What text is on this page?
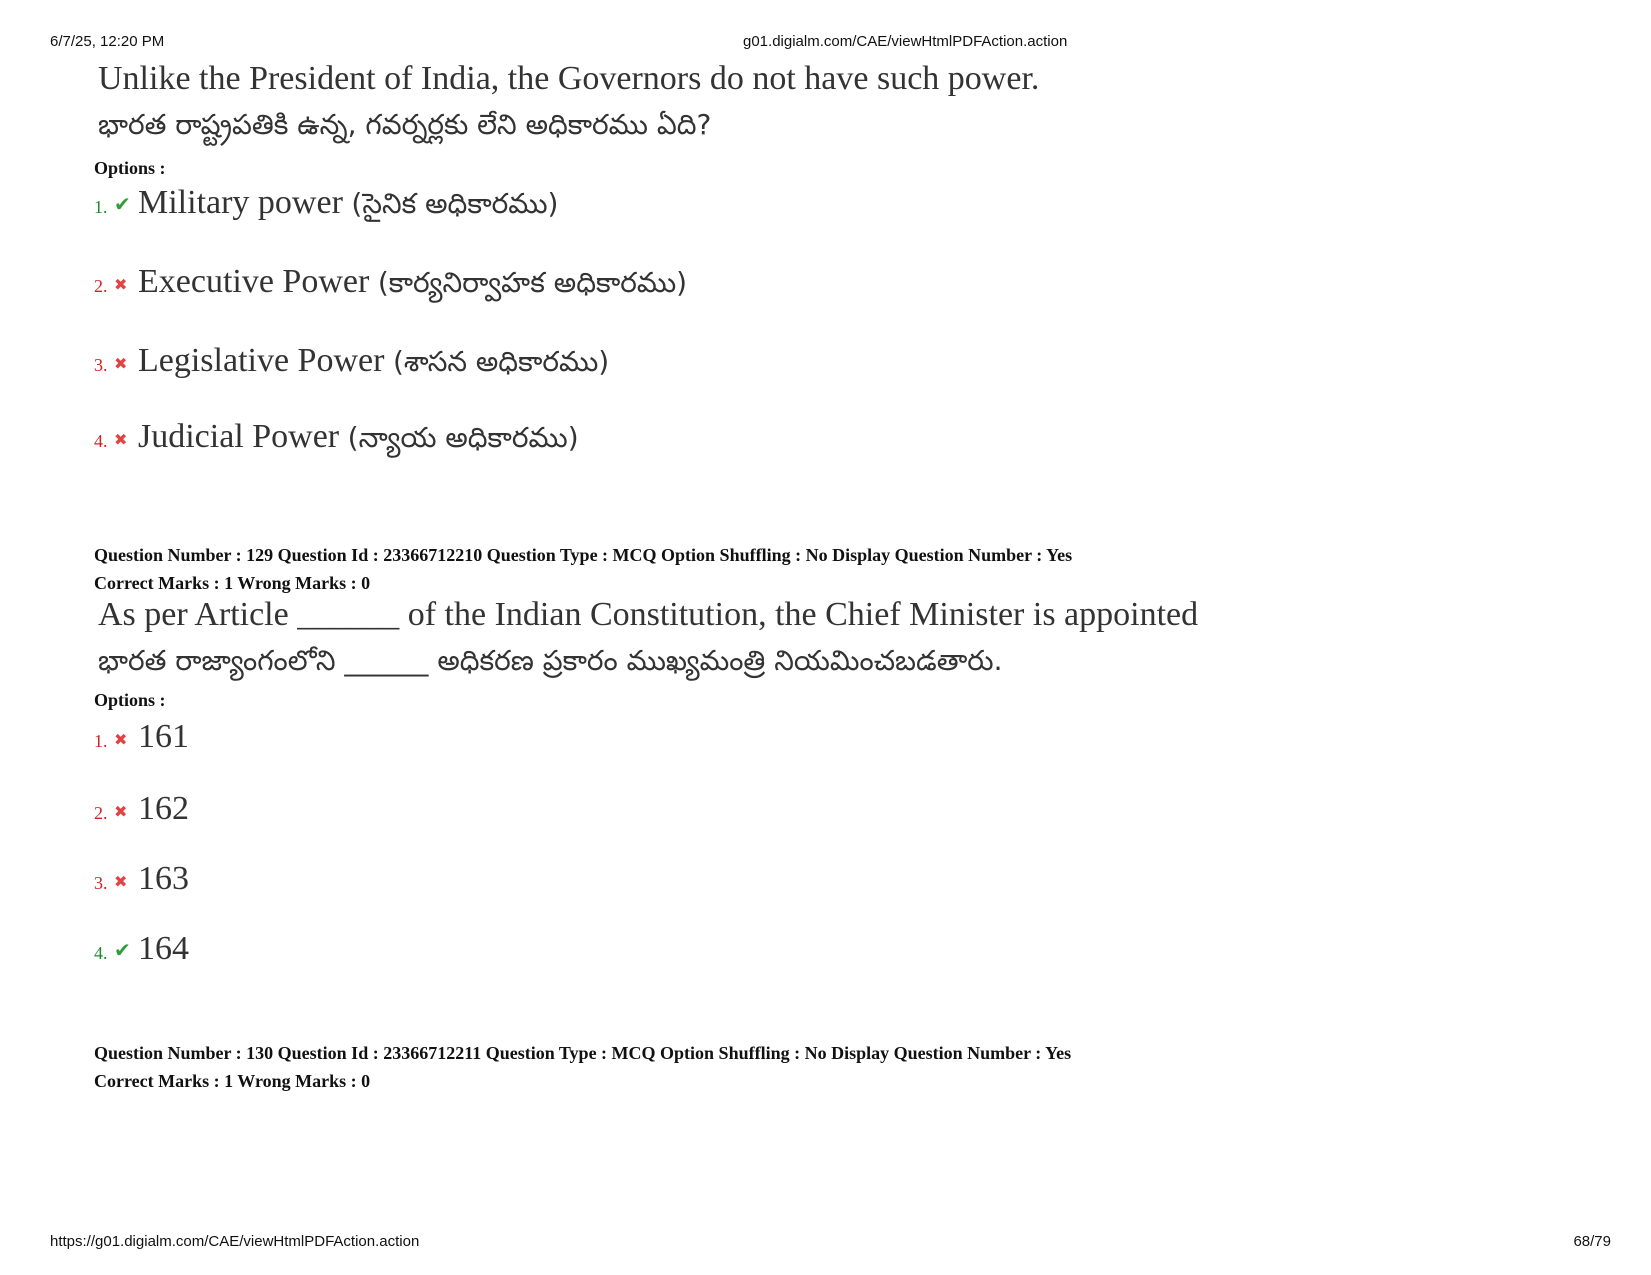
6/7/25, 12:20 PM	g01.digialm.com/CAE/viewHtmlPDFAction.action
Unlike the President of India, the Governors do not have such power.
భారత రాష్ట్రపతికి ఉన్న, గవర్నర్లకు లేని అధికారము ఏది?
Options :
1. ✔ Military power (సైనిక అధికారము)
2. ✖ Executive Power (కార్యనిర్వాహక అధికారము)
3. ✖ Legislative Power (శాసన అధికారము)
4. ✖ Judicial Power (న్యాయ అధికారము)
Question Number : 129 Question Id : 23366712210 Question Type : MCQ Option Shuffling : No Display Question Number : Yes
Correct Marks : 1 Wrong Marks : 0
As per Article ______ of the Indian Constitution, the Chief Minister is appointed
భారత రాజ్యాంగంలోని ______ అధికరణ ప్రకారం ముఖ్యమంత్రి నియమించబడతారు.
Options :
1. ✖ 161
2. ✖ 162
3. ✖ 163
4. ✔ 164
Question Number : 130 Question Id : 23366712211 Question Type : MCQ Option Shuffling : No Display Question Number : Yes
Correct Marks : 1 Wrong Marks : 0
https://g01.digialm.com/CAE/viewHtmlPDFAction.action	68/79
